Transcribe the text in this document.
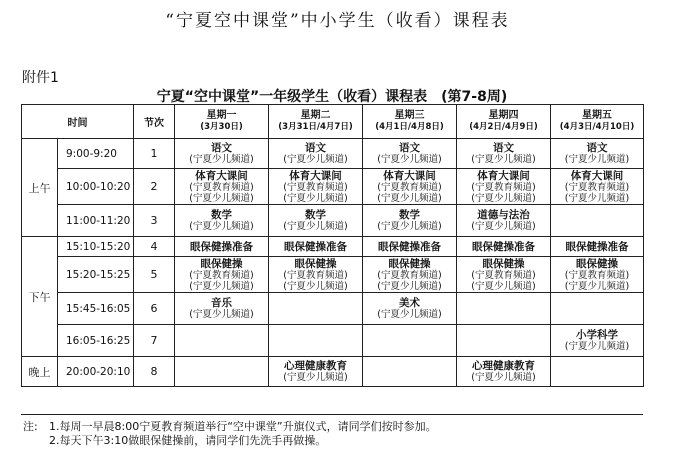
“宁夏空中课堂”中小学生（收看）课程表
附件1
宁夏“空中课堂”一年级学生（收看）课程表 (第7-8周)
时间		节次	星期一
(3月30日)	星期二
(3月31日/4月7日)	星期三
(4月1日/4月8日)	星期四
(4月2日/4月9日)	星期五
(4月3日/4月10日)

上午	9:00-9:20	1	语文
(宁夏少儿频道)	语文
(宁夏少儿频道)	语文
(宁夏少儿频道)	语文
(宁夏少儿频道)	语文
(宁夏少儿频道)

	10:00-10:20	2	体育大课间
(宁夏教育频道)
(宁夏少儿频道)	体育大课间
(宁夏教育频道)
(宁夏少儿频道)	体育大课间
(宁夏教育频道)
(宁夏少儿频道)	体育大课间
(宁夏教育频道)
(宁夏少儿频道)	体育大课间
(宁夏教育频道)
(宁夏少儿频道)

	11:00-11:20	3	数学
(宁夏少儿频道)	数学
(宁夏少儿频道)	数学
(宁夏少儿频道)	道德与法治
(宁夏少儿频道)	

下午	15:10-15:20	4	眼保健操准备	眼保健操准备	眼保健操准备	眼保健操准备	眼保健操准备
	15:20-15:25	5	眼保健操
(宁夏教育频道)
(宁夏少儿频道)	眼保健操
(宁夏教育频道)
(宁夏少儿频道)	眼保健操
(宁夏教育频道)
(宁夏少儿频道)	眼保健操
(宁夏教育频道)
(宁夏少儿频道)	眼保健操
(宁夏教育频道)
(宁夏少儿频道)

	15:45-16:05	6	音乐
(宁夏少儿频道)		美术
(宁夏少儿频道)		

	16:05-16:25	7					小学科学
(宁夏少儿频道)

晚上	20:00-20:10	8		心理健康教育
(宁夏少儿频道)		心理健康教育
(宁夏少儿频道)	

注: 1.每周一早晨8:00宁夏教育频道举行“空中课堂”升旗仪式，请同学们按时参加。
2.每天下午3:10做眼保健操前，请同学们先洗手再做操。
